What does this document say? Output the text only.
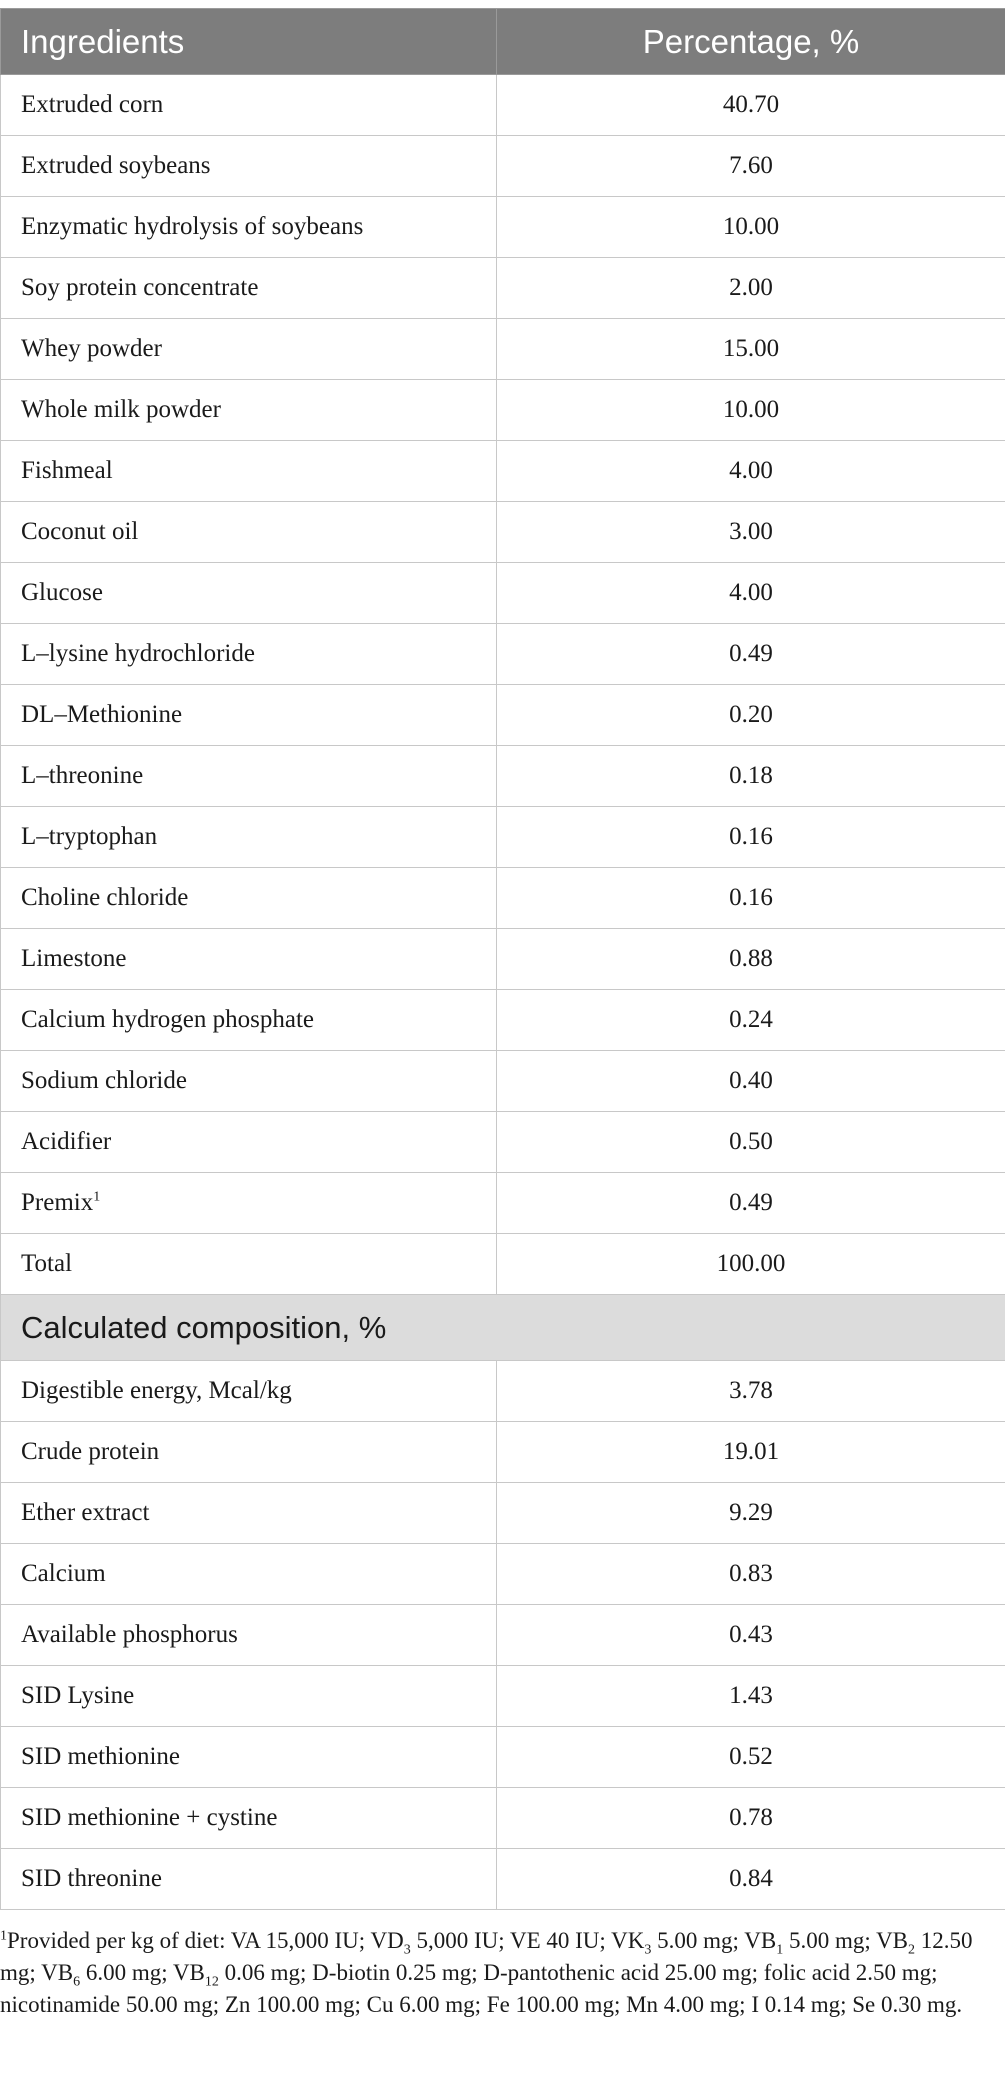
Ingredients	Percentage, %
Extruded corn	40.70
Extruded soybeans	7.60
Enzymatic hydrolysis of soybeans	10.00
Soy protein concentrate	2.00
Whey powder	15.00
Whole milk powder	10.00
Fishmeal	4.00
Coconut oil	3.00
Glucose	4.00
L–lysine hydrochloride	0.49
DL–Methionine	0.20
L–threonine	0.18
L–tryptophan	0.16
Choline chloride	0.16
Limestone	0.88
Calcium hydrogen phosphate	0.24
Sodium chloride	0.40
Acidifier	0.50
Premix$^1$	0.49
Total	100.00
Calculated composition, %	
Digestible energy, Mcal/kg	3.78
Crude protein	19.01
Ether extract	9.29
Calcium	0.83
Available phosphorus	0.43
SID Lysine	1.43
SID methionine	0.52
SID methionine + cystine	0.78
SID threonine	0.84
$^1$Provided per kg of diet: VA 15,000 IU; $VD_3$ 5,000 IU; VE 40 IU; $VK_3$ 5.00 mg; $VB_1$ 5.00 mg; $VB_2$ 12.50 mg; $VB_6$ 6.00 mg; $VB_{12}$ 0.06 mg; D-biotin 0.25 mg; D-pantothenic acid 25.00 mg; folic acid 2.50 mg; nicotinamide 50.00 mg; Zn 100.00 mg; Cu 6.00 mg; Fe 100.00 mg; Mn 4.00 mg; I 0.14 mg; Se 0.30 mg.
